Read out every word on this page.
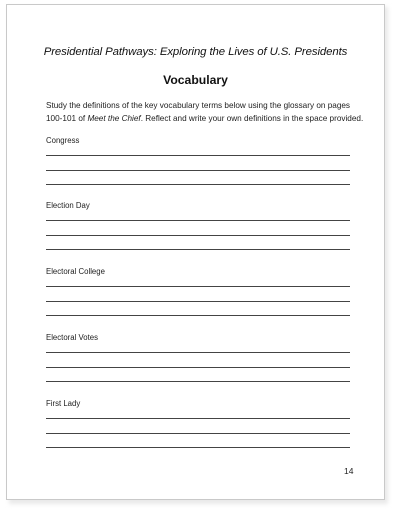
Presidential Pathways: Exploring the Lives of U.S. Presidents
Vocabulary
Study the definitions of the key vocabulary terms below using the glossary on pages
100-101 of Meet the Chief. Reflect and write your own definitions in the space provided.
Congress
Election Day
Electoral College
Electoral Votes
First Lady
14
